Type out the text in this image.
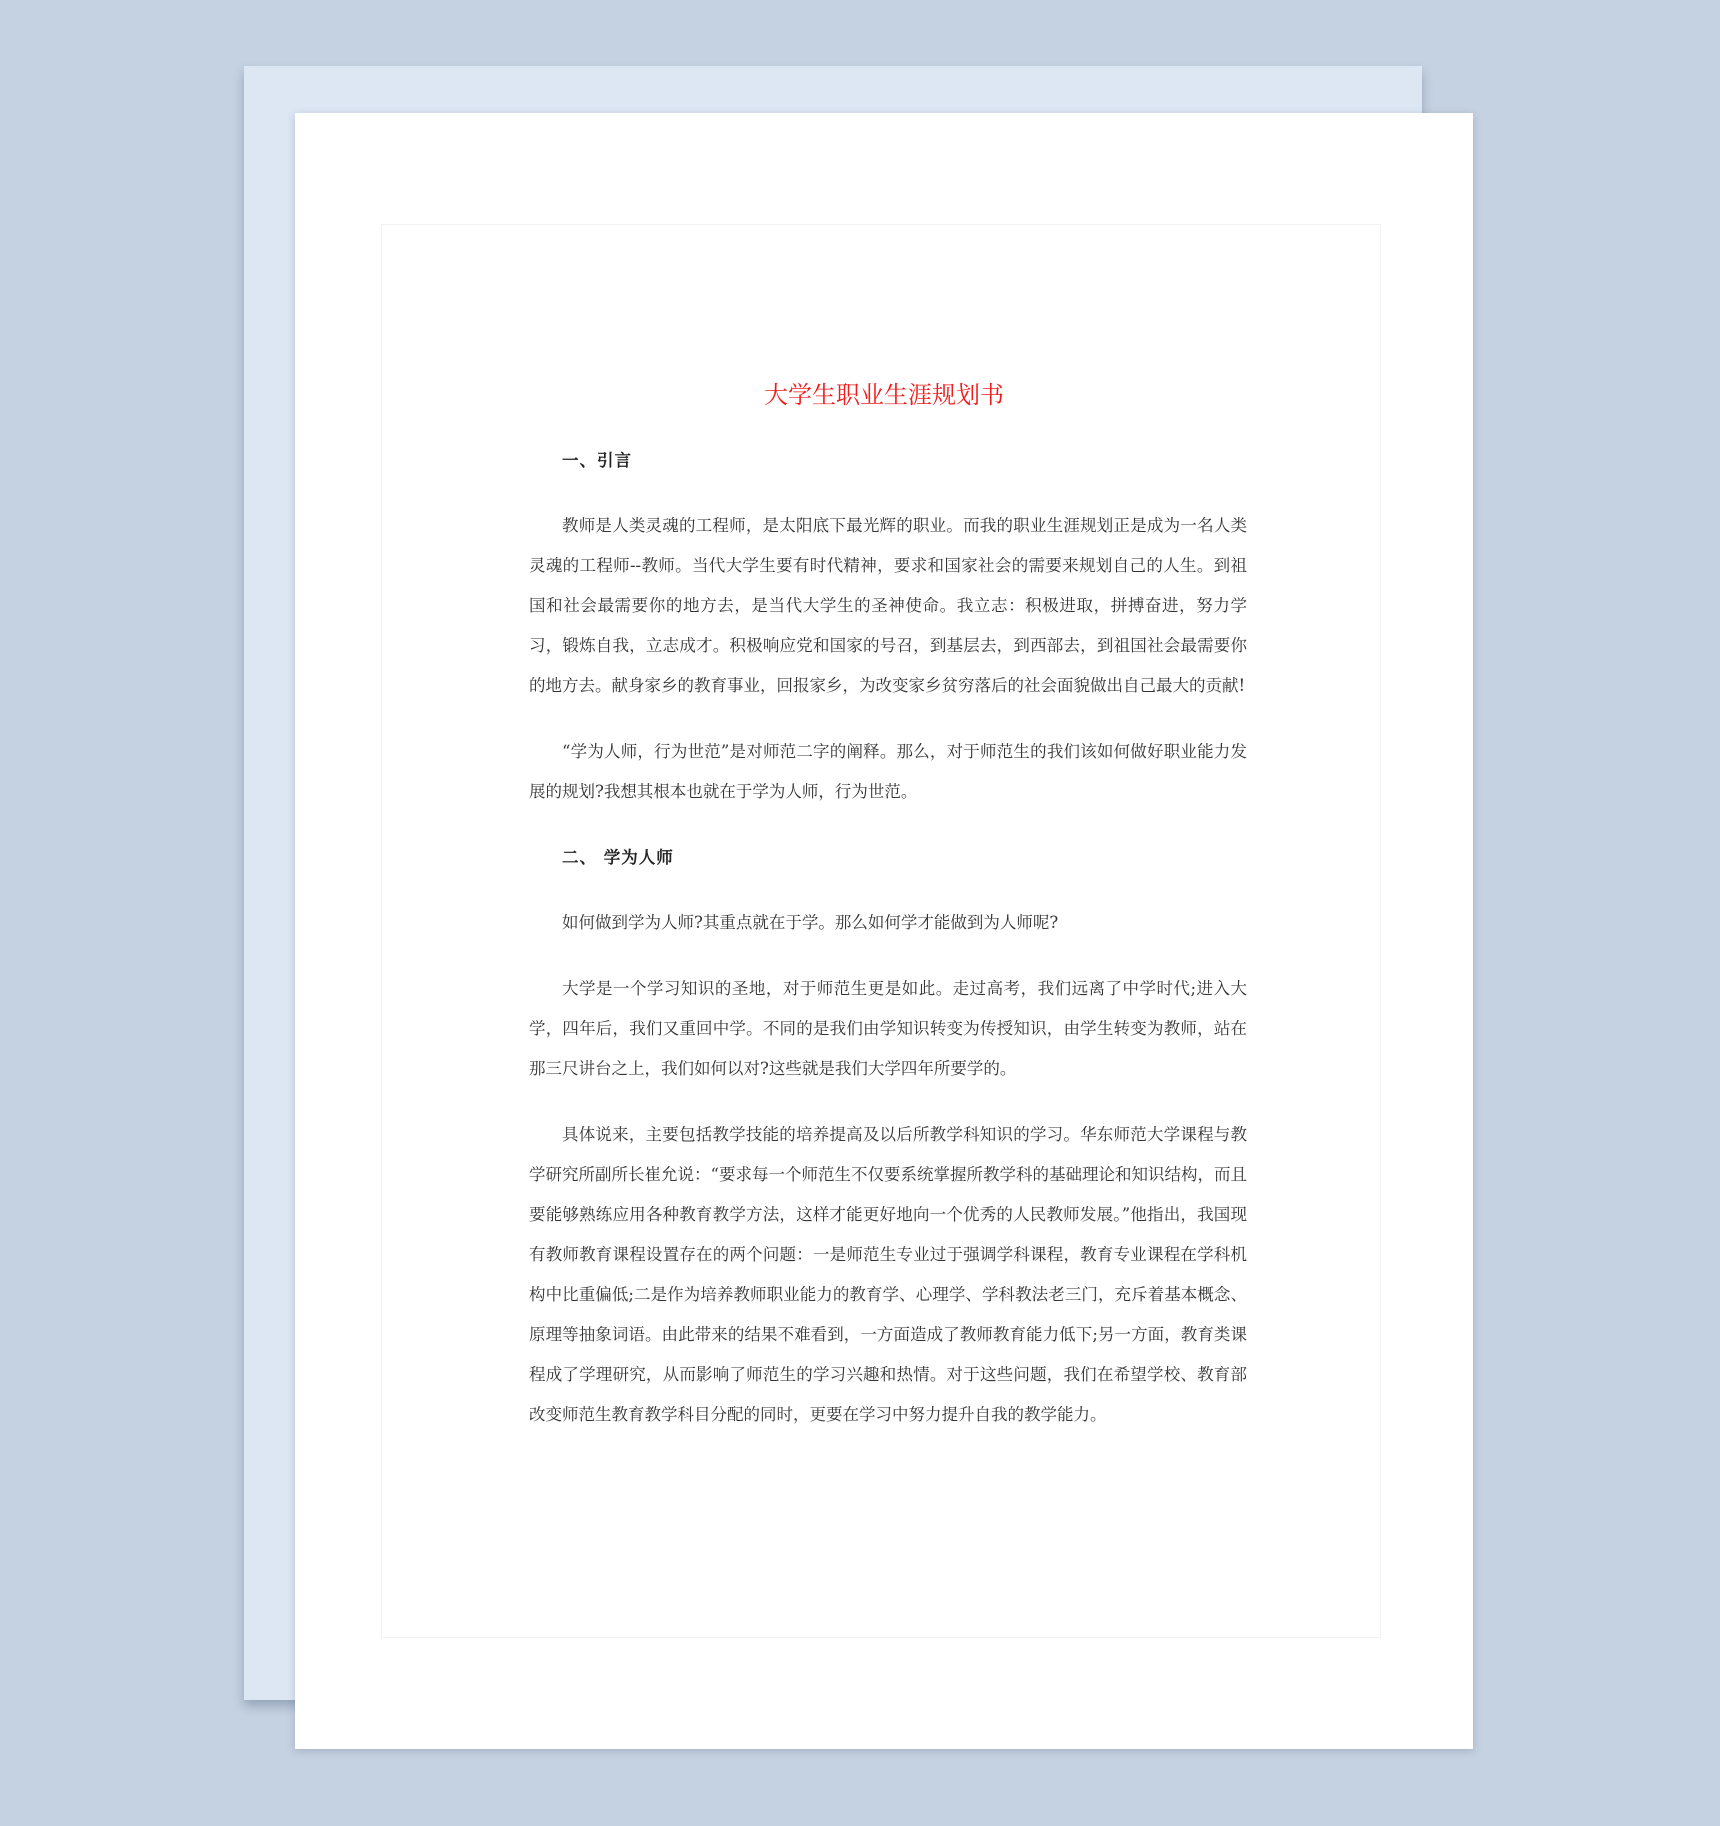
大学生职业生涯规划书

一、引言

教师是人类灵魂的工程师，是太阳底下最光辉的职业。而我的职业生涯规划正是成为一名人类灵魂的工程师--教师。当代大学生要有时代精神，要求和国家社会的需要来规划自己的人生。到祖国和社会最需要你的地方去，是当代大学生的圣神使命。我立志：积极进取，拼搏奋进，努力学习，锻炼自我，立志成才。积极响应党和国家的号召，到基层去，到西部去，到祖国社会最需要你的地方去。献身家乡的教育事业，回报家乡，为改变家乡贫穷落后的社会面貌做出自己最大的贡献!

“学为人师，行为世范”是对师范二字的阐释。那么，对于师范生的我们该如何做好职业能力发展的规划?我想其根本也就在于学为人师，行为世范。

二、 学为人师

如何做到学为人师?其重点就在于学。那么如何学才能做到为人师呢?

大学是一个学习知识的圣地，对于师范生更是如此。走过高考，我们远离了中学时代;进入大学，四年后，我们又重回中学。不同的是我们由学知识转变为传授知识，由学生转变为教师，站在那三尺讲台之上，我们如何以对?这些就是我们大学四年所要学的。

具体说来，主要包括教学技能的培养提高及以后所教学科知识的学习。华东师范大学课程与教学研究所副所长崔允说：“要求每一个师范生不仅要系统掌握所教学科的基础理论和知识结构，而且要能够熟练应用各种教育教学方法，这样才能更好地向一个优秀的人民教师发展。”他指出，我国现有教师教育课程设置存在的两个问题：一是师范生专业过于强调学科课程，教育专业课程在学科机构中比重偏低;二是作为培养教师职业能力的教育学、心理学、学科教法老三门，充斥着基本概念、原理等抽象词语。由此带来的结果不难看到，一方面造成了教师教育能力低下;另一方面，教育类课程成了学理研究，从而影响了师范生的学习兴趣和热情。对于这些问题，我们在希望学校、教育部改变师范生教育教学科目分配的同时，更要在学习中努力提升自我的教学能力。
